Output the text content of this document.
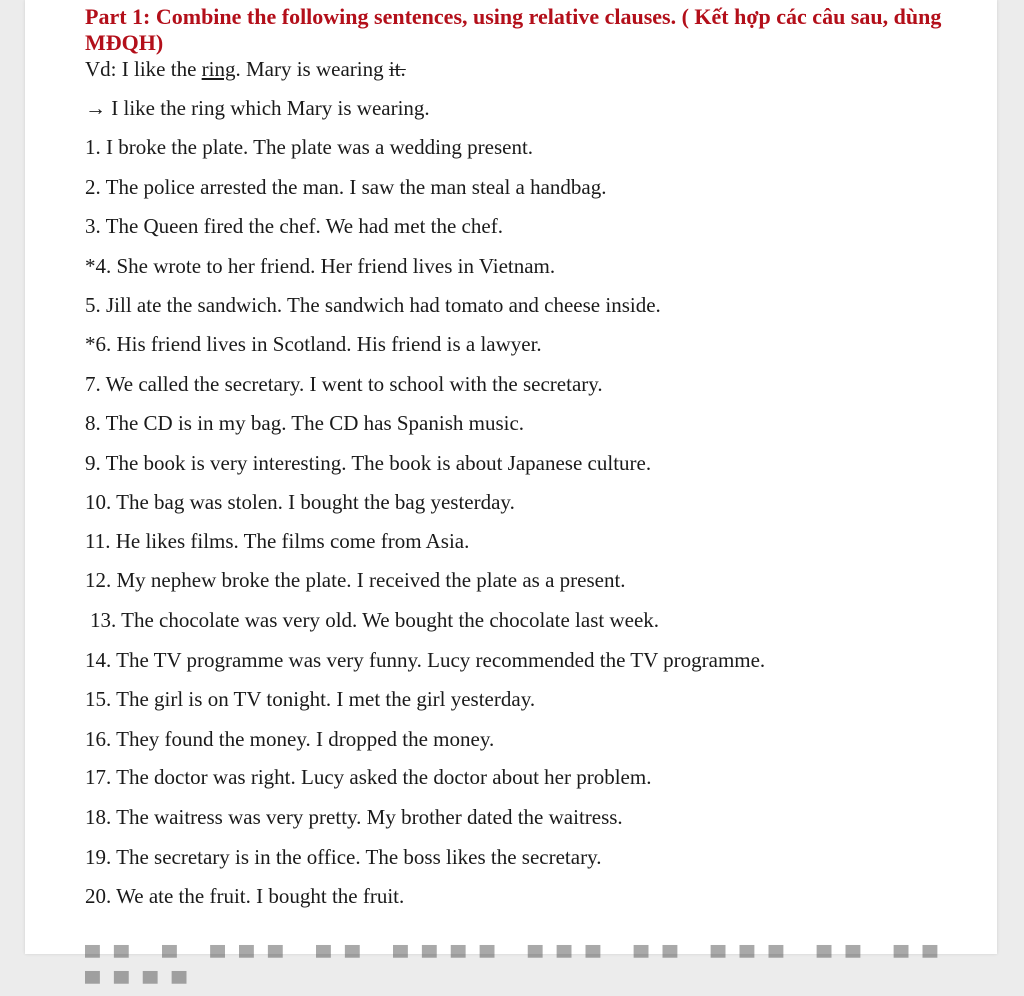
Part 1: Combine the following sentences, using relative clauses. ( Kết hợp các câu sau, dùng MĐQH)
Vd: I like the ring. Mary is wearing it.
→ I like the ring which Mary is wearing.
1. I broke the plate. The plate was a wedding present.
2. The police arrested the man. I saw the man steal a handbag.
3. The Queen fired the chef. We had met the chef.
*4. She wrote to her friend. Her friend lives in Vietnam.
5. Jill ate the sandwich. The sandwich had tomato and cheese inside.
*6. His friend lives in Scotland. His friend is a lawyer.
7. We called the secretary. I went to school with the secretary.
8. The CD is in my bag. The CD has Spanish music.
9. The book is very interesting. The book is about Japanese culture.
10. The bag was stolen. I bought the bag yesterday.
11. He likes films. The films come from Asia.
12. My nephew broke the plate. I received the plate as a present.
13. The chocolate was very old. We bought the chocolate last week.
14. The TV programme was very funny. Lucy recommended the TV programme.
15. The girl is on TV tonight. I met the girl yesterday.
16. They found the money. I dropped the money.
17. The doctor was right. Lucy asked the doctor about her problem.
18. The waitress was very pretty. My brother dated the waitress.
19. The secretary is in the office. The boss likes the secretary.
20. We ate the fruit. I bought the fruit.
▀▀ ▀ ▀▀▀ ▀▀ ▀▀▀▀ ▀▀▀ ▀▀ ▀▀▀ ▀▀ ▀▀ ▀▀▀▀
